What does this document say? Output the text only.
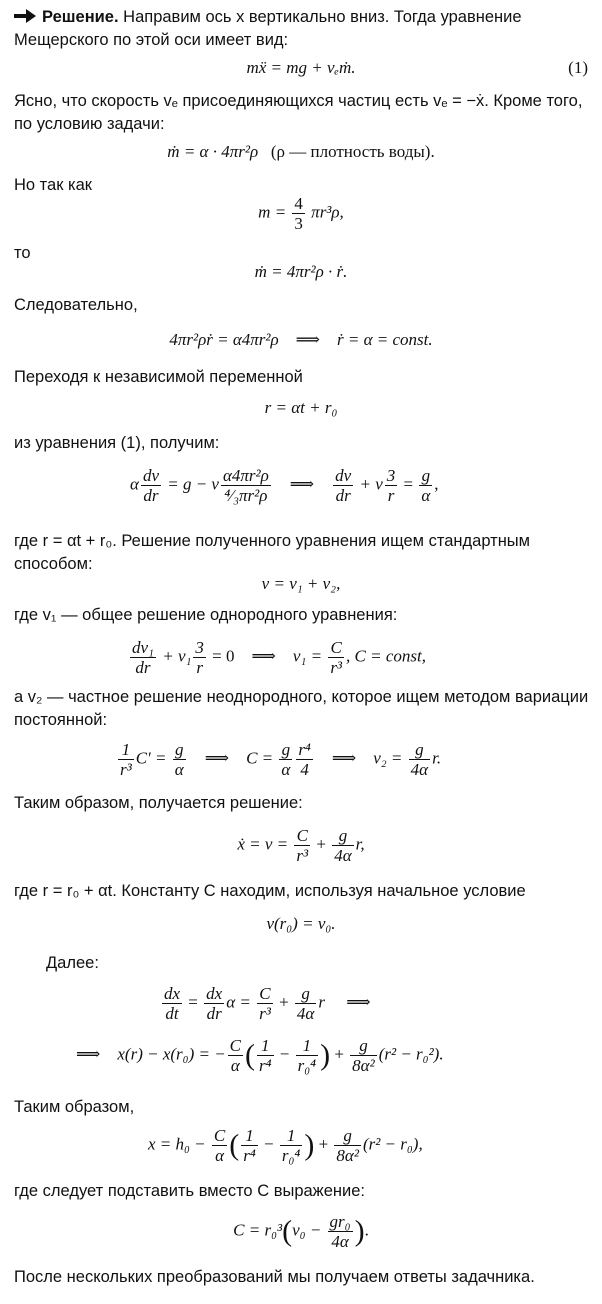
Решение. Направим ось x вертикально вниз. Тогда уравнение Мещерского по этой оси имеет вид:
mẍ = mg + vₑṁ.	(1)
Ясно, что скорость vₑ присоединяющихся частиц есть vₑ = −ẋ. Кроме того, по условию задачи:
ṁ = α · 4πr²ρ (ρ — плотность воды).
Но так как
$m = \frac{4}{3} \pi r^3\rho$,
то
ṁ = 4πr²ρ · ṙ.
Следовательно,
4πr²ρṙ = α4πr²ρ ⟹ ṙ = α = const.
Переходя к независимой переменной
r = αt + r₀
из уравнения (1), получим:
α $\frac{dv}{dr} = g - v \frac{\text{α4πr²ρ}}{\text{⁴⁄₃πr²ρ}}$ ⟹ $\frac{dv}{dr} + v \frac{3}{r} = \frac{g}{\alpha}$ ,
где r = αt + r₀. Решение полученного уравнения ищем стандартным способом:
v = v₁ + v₂,
где v₁ — общее решение однородного уравнения:
$\frac{\text{dv₁}}{dr} + v_1 \frac{3}{r} = 0$ ⟹ $v_1 = \frac{C}{\text{r³}}$ , C = const,
а v₂ — частное решение неоднородного, которое ищем методом вариации постоянной:
$\frac{1}{\text{r³}} C' = \frac{g}{\alpha}$ ⟹ $C = \frac{g}{\alpha} \frac{\text{r⁴}}{4}$ ⟹ $v_2 = \frac{g}{4\alpha} r$.
Таким образом, получается решение:
ẋ = $v = \frac{C}{\text{r³}} + \frac{g}{4\alpha} r$,
где r = r₀ + αt. Константу C находим, используя начальное условие
v(r₀) = v₀.
Далее:
$\frac{dx}{dt} = \frac{dx}{dr}$ $\alpha = \frac{C}{\text{r³}} + \frac{g}{4\alpha}$ r ⟹
⟹ x(r) − x(r₀) = − $\frac{C}{\alpha}$ ( $\frac{1}{\text{r⁴}} - \frac{1}{\text{r₀⁴}}$ ) + $\frac{g}{\text{8α²}} (r^2 - r_0^2)$.
Таким образом,
$x = h_0 - \frac{C}{\alpha}$ ( $\frac{1}{\text{r⁴}} - \frac{1}{\text{r₀⁴}}$ ) + $\frac{g}{\text{8α²}} (r^2 - r_0)$,
где следует подставить вместо C выражение:
$C = r_0^3(v_0 - \frac{\text{gr₀}}{4\alpha}$ ).
После нескольких преобразований мы получаем ответы задачника.
